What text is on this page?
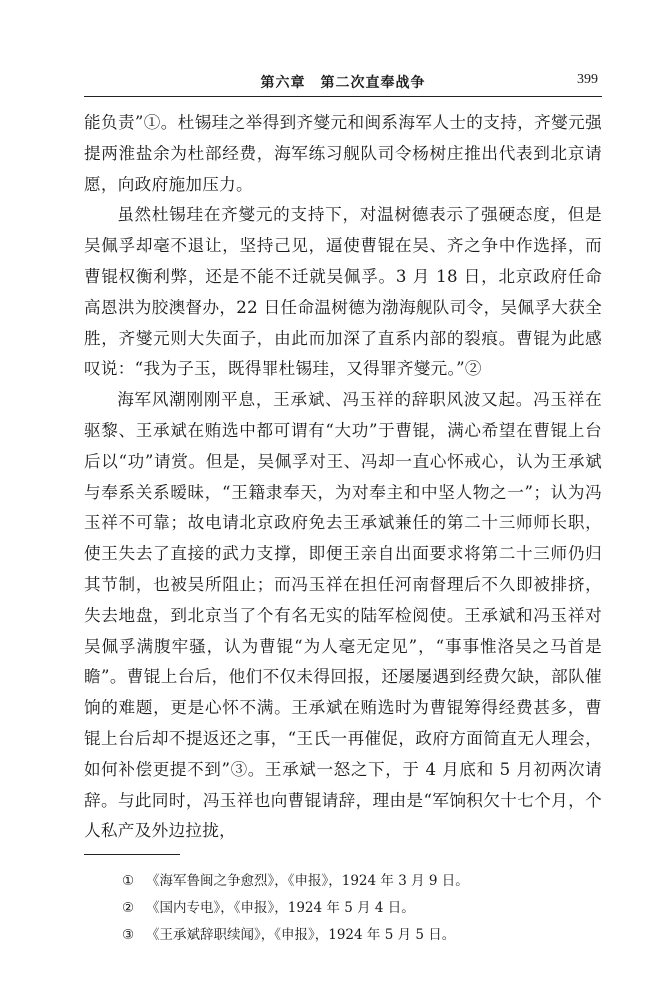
第六章　第二次直奉战争	399

能负责”①。杜锡珪之举得到齐燮元和闽系海军人士的支持，齐燮元强提两淮盐余为杜部经费，海军练习舰队司令杨树庄推出代表到北京请愿，向政府施加压力。

虽然杜锡珪在齐燮元的支持下，对温树德表示了强硬态度，但是吴佩孚却毫不退让，坚持己见，逼使曹锟在吴、齐之争中作选择，而曹锟权衡利弊，还是不能不迁就吴佩孚。3 月 18 日，北京政府任命高恩洪为胶澳督办，22 日任命温树德为渤海舰队司令，吴佩孚大获全胜，齐燮元则大失面子，由此而加深了直系内部的裂痕。曹锟为此感叹说：“我为子玉，既得罪杜锡珪，又得罪齐燮元。”②

海军风潮刚刚平息，王承斌、冯玉祥的辞职风波又起。冯玉祥在驱黎、王承斌在贿选中都可谓有“大功”于曹锟，满心希望在曹锟上台后以“功”请赏。但是，吴佩孚对王、冯却一直心怀戒心，认为王承斌与奉系关系暧昧，“王籍隶奉天，为对奉主和中坚人物之一”；认为冯玉祥不可靠；故电请北京政府免去王承斌兼任的第二十三师师长职，使王失去了直接的武力支撑，即便王亲自出面要求将第二十三师仍归其节制，也被吴所阻止；而冯玉祥在担任河南督理后不久即被排挤，失去地盘，到北京当了个有名无实的陆军检阅使。王承斌和冯玉祥对吴佩孚满腹牢骚，认为曹锟“为人毫无定见”，“事事惟洛吴之马首是瞻”。曹锟上台后，他们不仅未得回报，还屡屡遇到经费欠缺，部队催饷的难题，更是心怀不满。王承斌在贿选时为曹锟筹得经费甚多，曹锟上台后却不提返还之事，“王氏一再催促，政府方面简直无人理会，如何补偿更提不到”③。王承斌一怒之下，于 4 月底和 5 月初两次请辞。与此同时，冯玉祥也向曹锟请辞，理由是“军饷积欠十七个月，个人私产及外边拉拢，

① 《海军鲁闽之争愈烈》，《申报》，1924 年 3 月 9 日。
② 《国内专电》，《申报》，1924 年 5 月 4 日。
③ 《王承斌辞职续闻》，《申报》，1924 年 5 月 5 日。
